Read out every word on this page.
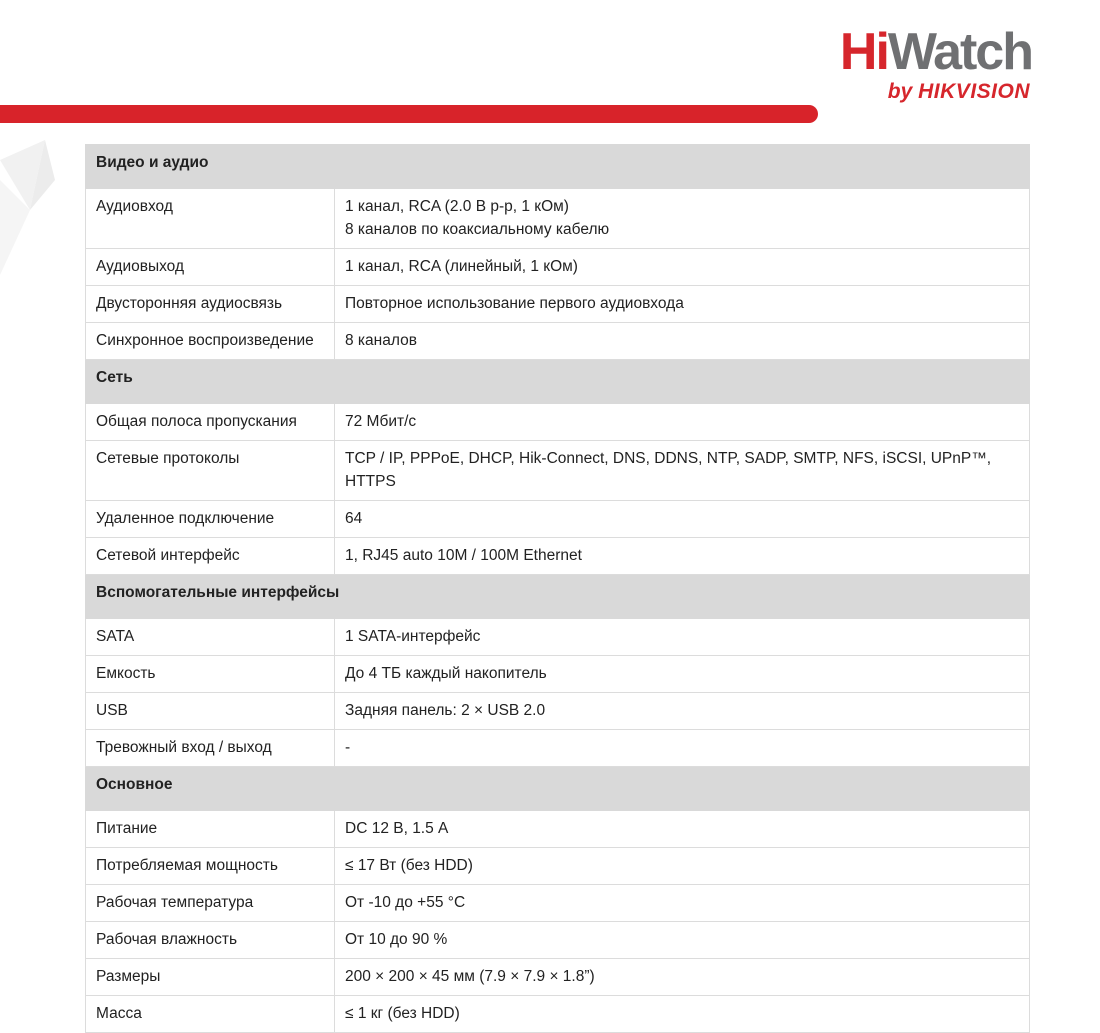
HiWatch
by HIKVISION
Видео и аудио	
Аудиовход	1 канал, RCA (2.0 В р-р, 1 кОм)
8 каналов по коаксиальному кабелю

Аудиовыход	1 канал, RCA (линейный, 1 кОм)

Двусторонняя аудиосвязь	Повторное использование первого аудиовхода

Синхронное воспроизведение	8 каналов

Сеть	
Общая полоса пропускания	72 Мбит/с

Сетевые протоколы	TCP / IP, PPPoE, DHCP, Hik-Connect, DNS, DDNS, NTP, SADP, SMTP, NFS, iSCSI, UPnP™, HTTPS

Удаленное подключение	64

Сетевой интерфейс	1, RJ45 auto 10M / 100M Ethernet

Вспомогательные интерфейсы	
SATA	1 SATA-интерфейс

Емкость	До 4 ТБ каждый накопитель

USB	Задняя панель: 2 × USB 2.0

Тревожный вход / выход	-

Основное	
Питание	DC 12 В, 1.5 А

Потребляемая мощность	≤ 17 Вт (без HDD)

Рабочая температура	От -10 до +55 °С

Рабочая влажность	От 10 до 90 %

Размеры	200 × 200 × 45 мм (7.9 × 7.9 × 1.8”)

Масса	≤ 1 кг (без HDD)
